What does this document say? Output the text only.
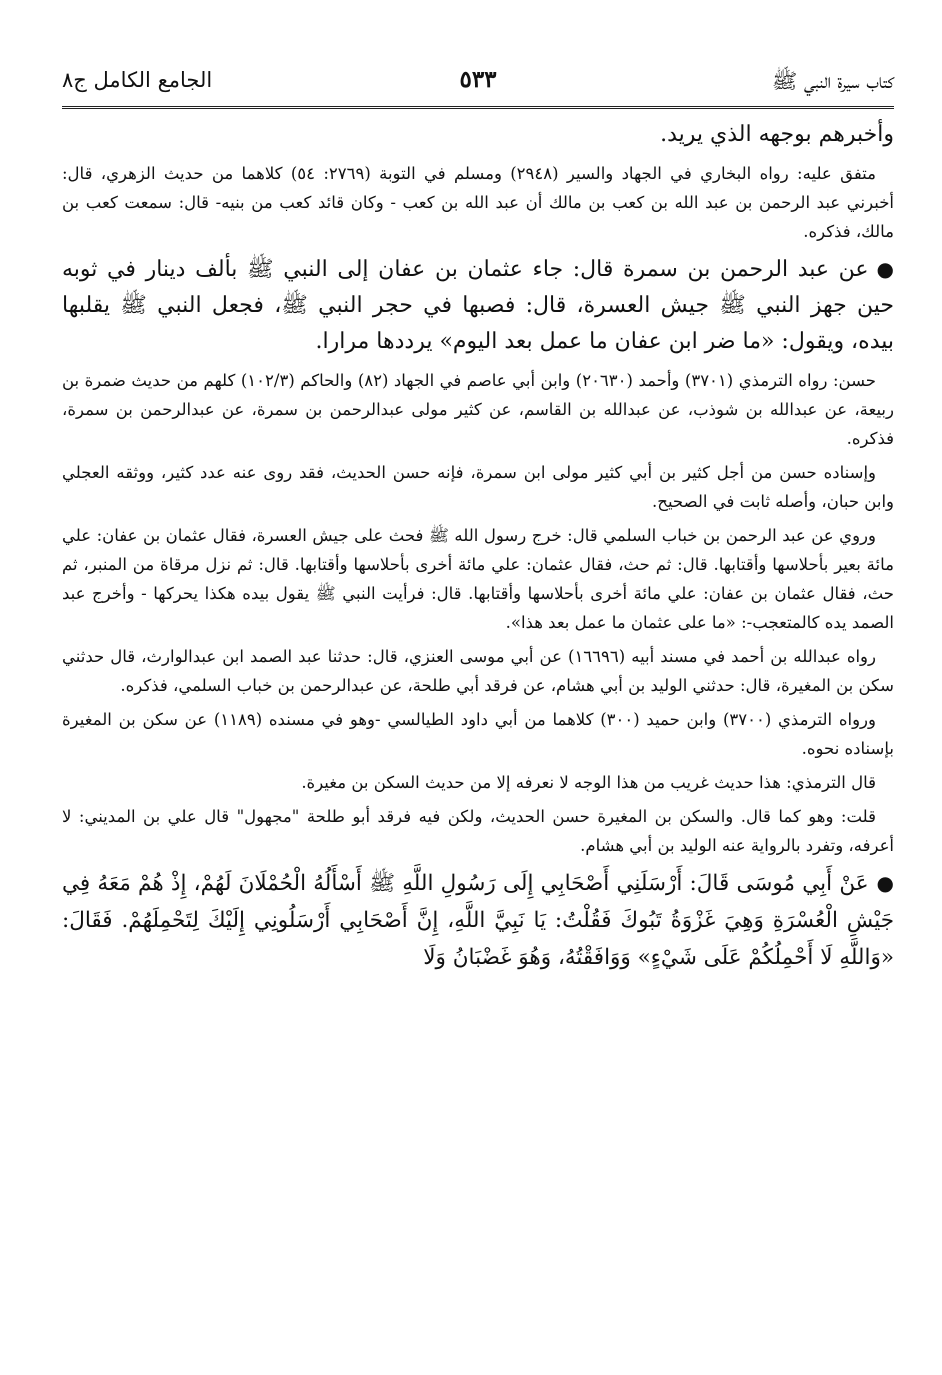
كتاب سيرة النبي ﷺ
٥٣٣
الجامع الكامل ج٨

وأخبرهم بوجهه الذي يريد.

متفق عليه: رواه البخاري في الجهاد والسير (٢٩٤٨) ومسلم في التوبة (٢٧٦٩: ٥٤) كلاهما من حديث الزهري، قال: أخبرني عبد الرحمن بن عبد الله بن كعب بن مالك أن عبد الله بن كعب - وكان قائد كعب من بنيه- قال: سمعت كعب بن مالك، فذكره.

●عن عبد الرحمن بن سمرة قال: جاء عثمان بن عفان إلى النبي ﷺ بألف دينار في ثوبه حين جهز النبي ﷺ جيش العسرة، قال: فصبها في حجر النبي ﷺ، فجعل النبي ﷺ يقلبها بيده، ويقول: «ما ضر ابن عفان ما عمل بعد اليوم» يرددها مرارا.

حسن: رواه الترمذي (٣٧٠١) وأحمد (٢٠٦٣٠) وابن أبي عاصم في الجهاد (٨٢) والحاكم (١٠٢/٣) كلهم من حديث ضمرة بن ربيعة، عن عبدالله بن شوذب، عن عبدالله بن القاسم، عن كثير مولى عبدالرحمن بن سمرة، عن عبدالرحمن بن سمرة، فذكره.

وإسناده حسن من أجل كثير بن أبي كثير مولى ابن سمرة، فإنه حسن الحديث، فقد روى عنه عدد كثير، ووثقه العجلي وابن حبان، وأصله ثابت في الصحيح.

وروي عن عبد الرحمن بن خباب السلمي قال: خرج رسول الله ﷺ فحث على جيش العسرة، فقال عثمان بن عفان: علي مائة بعير بأحلاسها وأقتابها. قال: ثم حث، فقال عثمان: علي مائة أخرى بأحلاسها وأقتابها. قال: ثم نزل مرقاة من المنبر، ثم حث، فقال عثمان بن عفان: علي مائة أخرى بأحلاسها وأقتابها. قال: فرأيت النبي ﷺ يقول بيده هكذا يحركها - وأخرج عبد الصمد يده كالمتعجب-: «ما على عثمان ما عمل بعد هذا».

رواه عبدالله بن أحمد في مسند أبيه (١٦٦٩٦) عن أبي موسى العنزي، قال: حدثنا عبد الصمد ابن عبدالوارث، قال حدثني سكن بن المغيرة، قال: حدثني الوليد بن أبي هشام، عن فرقد أبي طلحة، عن عبدالرحمن بن خباب السلمي، فذكره.

ورواه الترمذي (٣٧٠٠) وابن حميد (٣٠٠) كلاهما من أبي داود الطيالسي -وهو في مسنده (١١٨٩) عن سكن بن المغيرة بإسناده نحوه.

قال الترمذي: هذا حديث غريب من هذا الوجه لا نعرفه إلا من حديث السكن بن مغيرة.

قلت: وهو كما قال. والسكن بن المغيرة حسن الحديث، ولكن فيه فرقد أبو طلحة "مجهول" قال علي بن المديني: لا أعرفه، وتفرد بالرواية عنه الوليد بن أبي هشام.

●عَنْ أَبِي مُوسَى قَالَ: أَرْسَلَنِي أَصْحَابِي إِلَى رَسُولِ اللَّهِ ﷺ أَسْأَلُهُ الْحُمْلَانَ لَهُمْ، إِذْ هُمْ مَعَهُ فِي جَيْشِ الْعُسْرَةِ وَهِيَ غَزْوَةُ تَبُوكَ فَقُلْتُ: يَا نَبِيَّ اللَّهِ، إِنَّ أَصْحَابِي أَرْسَلُونِي إِلَيْكَ لِتَحْمِلَهُمْ. فَقَالَ: «وَاللَّهِ لَا أَحْمِلُكُمْ عَلَى شَيْءٍ» وَوَافَقْتُهُ، وَهُوَ غَضْبَانُ وَلَا
